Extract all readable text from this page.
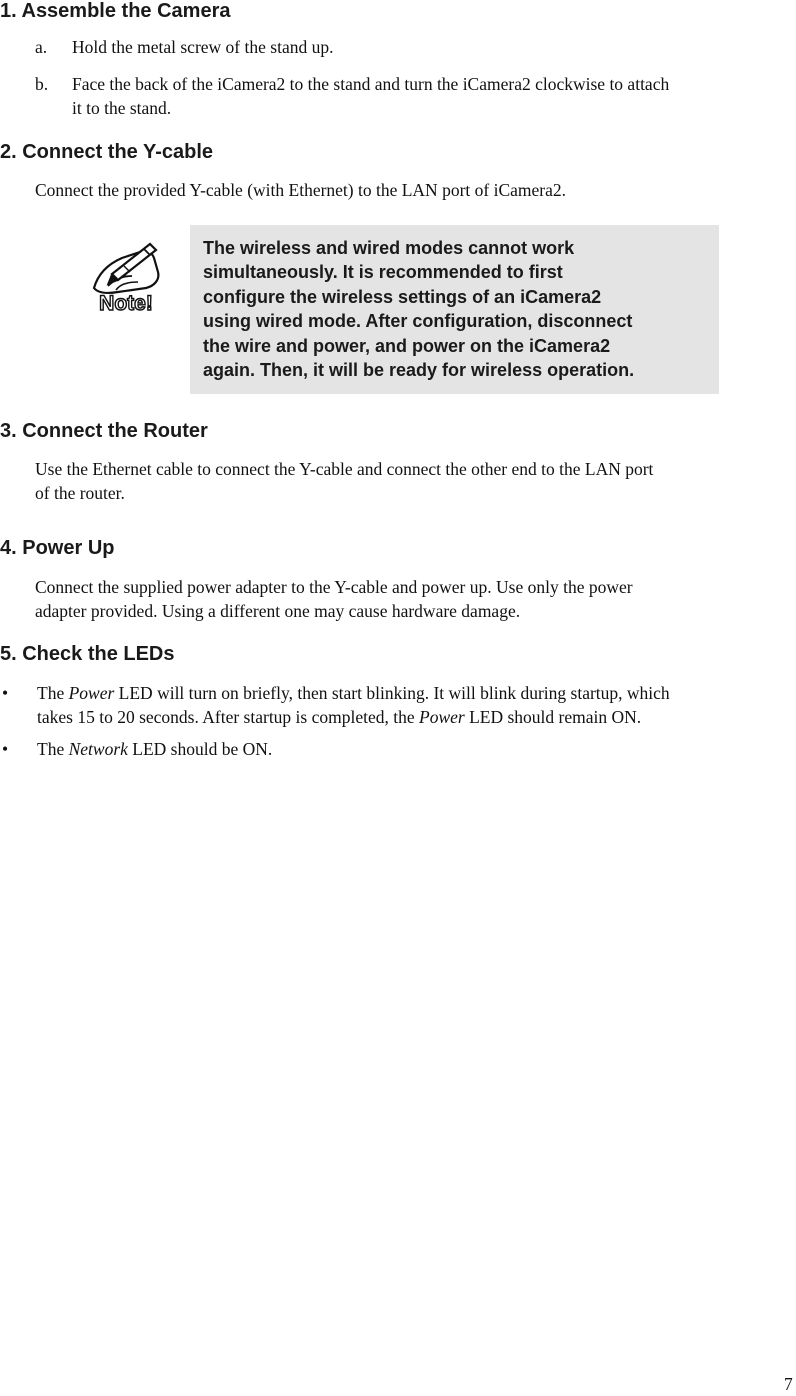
1. Assemble the Camera
a. Hold the metal screw of the stand up.

b. Face the back of the iCamera2 to the stand and turn the iCamera2 clockwise to attach

it to the stand.

2. Connect the Y-cable

Connect the provided Y-cable (with Ethernet) to the LAN port of iCamera2.

Note!

The wireless and wired modes cannot work

simultaneously. It is recommended to first

configure the wireless settings of an iCamera2

using wired mode. After configuration, disconnect

the wire and power, and power on the iCamera2

again. Then, it will be ready for wireless operation.

3. Connect the Router

Use the Ethernet cable to connect the Y-cable and connect the other end to the LAN port

of the router.

4. Power Up

Connect the supplied power adapter to the Y-cable and power up. Use only the power

adapter provided. Using a different one may cause hardware damage.

5. Check the LEDs
• The Power LED will turn on briefly, then start blinking. It will blink during startup, which

takes 15 to 20 seconds. After startup is completed, the Power LED should remain ON.

• The Network LED should be ON.

7
